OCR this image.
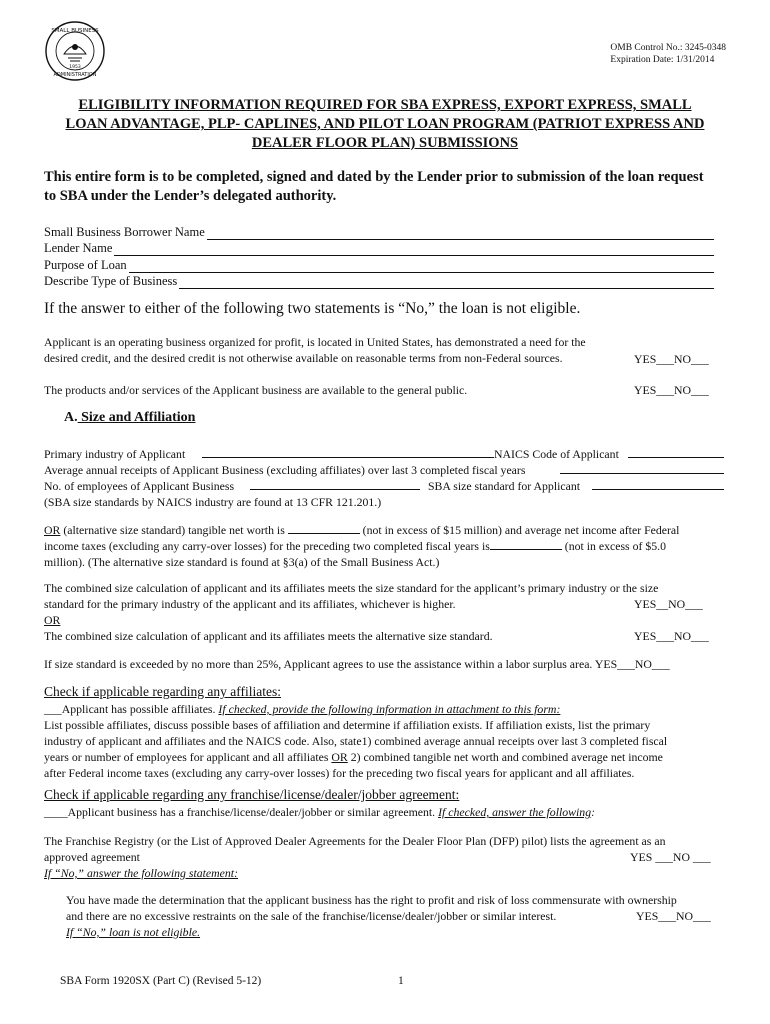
SMALL BUSINESS
ADMINISTRATION
1953
OMB Control No.: 3245-0348
Expiration Date: 1/31/2014
ELIGIBILITY INFORMATION REQUIRED FOR SBA EXPRESS, EXPORT EXPRESS, SMALL
LOAN ADVANTAGE, PLP- CAPLINES, AND PILOT LOAN PROGRAM (PATRIOT EXPRESS AND
DEALER FLOOR PLAN) SUBMISSIONS
This entire form is to be completed, signed and dated by the Lender prior to submission of the loan request to SBA under the Lender’s delegated authority.
Small Business Borrower Name
Lender Name
Purpose of Loan
Describe Type of Business
If the answer to either of the following two statements is “No,” the loan is not eligible.
Applicant is an operating business organized for profit, is located in United States, has demonstrated a need for the
desired credit, and the desired credit is not otherwise available on reasonable terms from non-Federal sources.	YES___NO___
The products and/or services of the Applicant business are available to the general public.	YES___NO___
A. Size and Affiliation
Primary industry of Applicant	NAICS Code of Applicant
Average annual receipts of Applicant Business (excluding affiliates) over last 3 completed fiscal years
No. of employees of Applicant Business	SBA size standard for Applicant
(SBA size standards by NAICS industry are found at 13 CFR 121.201.)
OR (alternative size standard) tangible net worth is	(not in excess of $15 million) and average net income after Federal
income taxes (excluding any carry-over losses) for the preceding two completed fiscal years is	(not in excess of $5.0
million). (The alternative size standard is found at §3(a) of the Small Business Act.)
The combined size calculation of applicant and its affiliates meets the size standard for the applicant’s primary industry or the size
standard for the primary industry of the applicant and its affiliates, whichever is higher.	YES__NO___
OR
The combined size calculation of applicant and its affiliates meets the alternative size standard.	YES___NO___
If size standard is exceeded by no more than 25%, Applicant agrees to use the assistance within a labor surplus area. YES___NO___
Check if applicable regarding any affiliates:
___Applicant has possible affiliates. If checked, provide the following information in attachment to this form:
List possible affiliates, discuss possible bases of affiliation and determine if affiliation exists. If affiliation exists, list the primary
industry of applicant and affiliates and the NAICS code. Also, state1) combined average annual receipts over last 3 completed fiscal
years or number of employees for applicant and all affiliates OR 2) combined tangible net worth and combined average net income
after Federal income taxes (excluding any carry-over losses) for the preceding two fiscal years for applicant and all affiliates.
Check if applicable regarding any franchise/license/dealer/jobber agreement:
____Applicant business has a franchise/license/dealer/jobber or similar agreement. If checked, answer the following:
The Franchise Registry (or the List of Approved Dealer Agreements for the Dealer Floor Plan (DFP) pilot) lists the agreement as an
approved agreement	YES ___NO ___
If “No,” answer the following statement:
You have made the determination that the applicant business has the right to profit and risk of loss commensurate with ownership
and there are no excessive restraints on the sale of the franchise/license/dealer/jobber or similar interest.	YES___NO___
If “No,” loan is not eligible.
SBA Form 1920SX (Part C) (Revised 5-12)	1
